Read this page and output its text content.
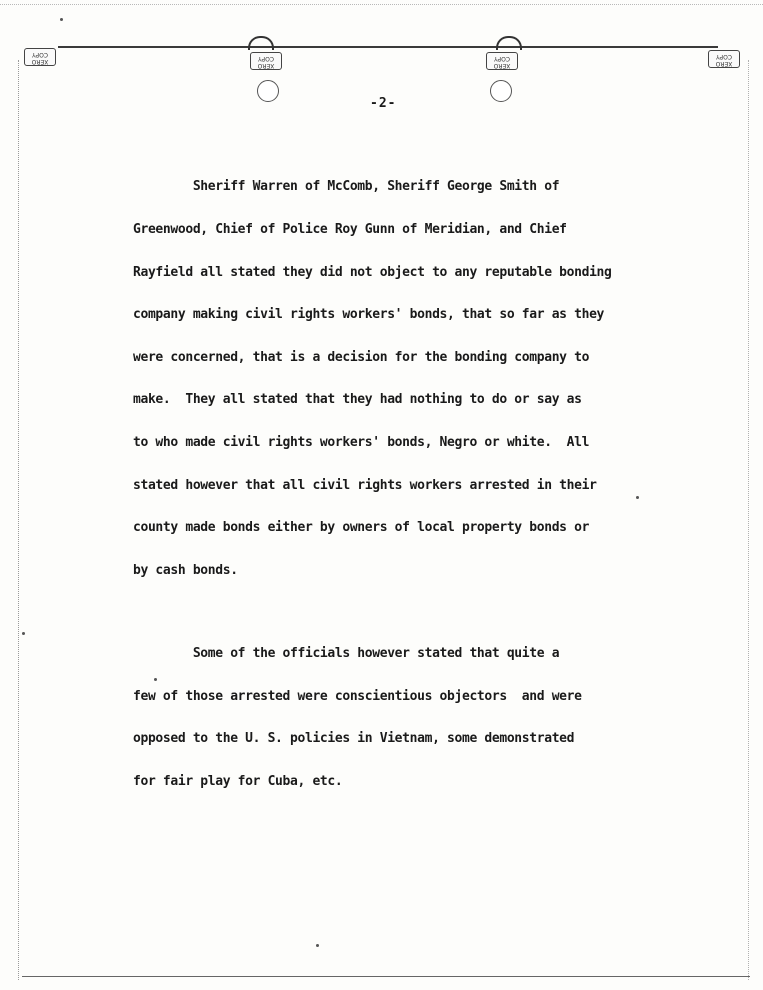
XERO
COPY
XERO
COPY
XERO
COPY
XERO
COPY
-2-

Sheriff Warren of McComb, Sheriff George Smith of

Greenwood, Chief of Police Roy Gunn of Meridian, and Chief

Rayfield all stated they did not object to any reputable bonding

company making civil rights workers' bonds, that so far as they

were concerned, that is a decision for the bonding company to

make.  They all stated that they had nothing to do or say as

to who made civil rights workers' bonds, Negro or white.  All

stated however that all civil rights workers arrested in their

county made bonds either by owners of local property bonds or

by cash bonds.

Some of the officials however stated that quite a

few of those arrested were conscientious objectors  and were

opposed to the U. S. policies in Vietnam, some demonstrated

for fair play for Cuba, etc.
